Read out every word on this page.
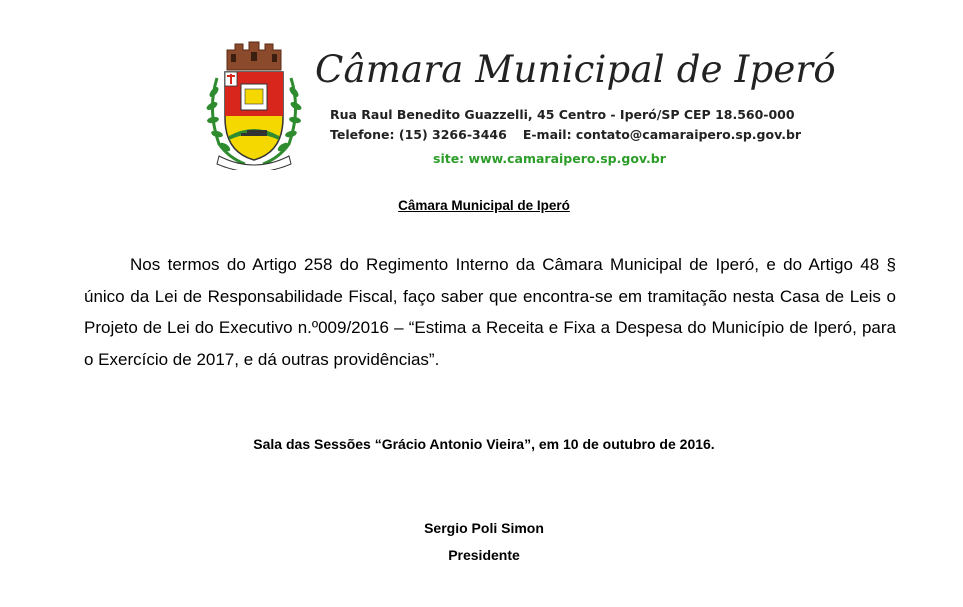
Câmara Municipal de Iperó

Rua Raul Benedito Guazzelli, 45 Centro - Iperó/SP CEP 18.560-000

Telefone: (15) 3266-3446 E-mail: contato@camaraipero.sp.gov.br

site: www.camaraipero.sp.gov.br

Câmara Municipal de Iperó

Nos termos do Artigo 258 do Regimento Interno da Câmara Municipal de Iperó, e do Artigo 48 § único da Lei de Responsabilidade Fiscal, faço saber que encontra-se em tramitação nesta Casa de Leis o Projeto de Lei do Executivo n.º009/2016 – “Estima a Receita e Fixa a Despesa do Município de Iperó, para o Exercício de 2017, e dá outras providências”.

Sala das Sessões “Grácio Antonio Vieira”, em 10 de outubro de 2016.

Sergio Poli Simon

Presidente
